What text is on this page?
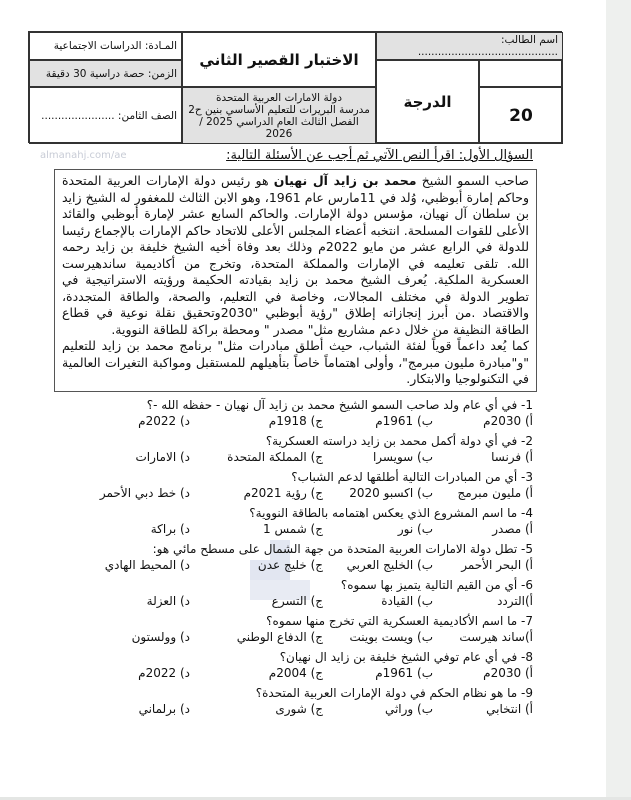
المـادة: الدراسات الاجتماعية
الزمن: حصة دراسية 30 دقيقة
الصف الثامن: ......................
الاختبار القصير الثاني
دولة الامارات العربية المتحدة
مدرسة البريرات للتعليم الأساسي بنين ح2
الفصل الثالث العام الدراسي 2025 / 2026
اسم الطالب: ..........................................
الدرجة
20
السؤال الأول: اقرأ النص الآتي ثم أجب عن الأسئلة التالية:
almanahj.com/ae
صاحب السمو الشيخ محمد بن زايد آل نهيان هو رئيس دولة الإمارات العربية المتحدة وحاكم إمارة أبوظبي، وُلد في 11مارس عام 1961، وهو الابن الثالث للمغفور له الشيخ زايد بن سلطان آل نهيان، مؤسس دولة الإمارات. والحاكم السابع عشر لإمارة أبوظبي والقائد الأعلى للقوات المسلحة. انتخبه أعضاء المجلس الأعلى للاتحاد حاكم الإمارات بالإجماع رئيسا للدولة في الرابع عشر من مايو 2022م وذلك بعد وفاة أخيه الشيخ خليفة بن زايد رحمه الله. تلقى تعليمه في الإمارات والمملكة المتحدة، وتخرج من أكاديمية ساندهيرست العسكرية الملكية. يُعرف الشيخ محمد بن زايد بقيادته الحكيمة ورؤيته الاستراتيجية في تطوير الدولة في مختلف المجالات، وخاصة في التعليم، والصحة، والطاقة المتجددة، والاقتصاد .من أبرز إنجازاته إطلاق "رؤية أبوظبي "2030وتحقيق نقلة نوعية في قطاع الطاقة النظيفة من خلال دعم مشاريع مثل" مصدر " ومحطة براكة للطاقة النووية.
كما يُعد داعماً قوياً لفئة الشباب، حيث أطلق مبادرات مثل" برنامج محمد بن زايد للتعليم "و"مبادرة مليون مبرمج"، وأولى اهتماماً خاصاً بتأهيلهم للمستقبل ومواكبة التغيرات العالمية في التكنولوجيا والابتكار.
1- في أي عام ولد صاحب السمو الشيخ محمد بن زايد آل نهيان - حفظه الله -؟
أ) 2030م
ب) 1961م
ج) 1918م
د) 2022م
2- في أي دولة أكمل محمد بن زايد دراسته العسكرية؟
أ) فرنسا
ب) سويسرا
ج) المملكة المتحدة
د) الامارات
3- أي من المبادرات التالية أطلقها لدعم الشباب؟
أ) مليون مبرمج
ب) اكسبو 2020
ج) رؤية 2021م
د) خط دبي الأحمر
4- ما اسم المشروع الذي يعكس اهتمامه بالطاقة النووية؟
أ) مصدر
ب) نور
ج) شمس 1
د) براكة
5- تطل دولة الامارات العربية المتحدة من جهة الشمال على مسطح مائي هو:
أ) البحر الأحمر
ب) الخليج العربي
ج) خليج عدن
د) المحيط الهادي
6- أي من القيم التالية يتميز بها سموه؟
أ)التردد
ب) القيادة
ج) التسرع
د) العزلة
7- ما اسم الأكاديمية العسكرية التي تخرج منها سموه؟
أ)ساند هيرست
ب) ويست بوينت
ج) الدفاع الوطني
د) وولستون
8- في أي عام توفي الشيخ خليفة بن زايد ال نهيان؟
أ) 2030م
ب) 1961م
ج) 2004م
د) 2022م
9- ما هو نظام الحكم في دولة الإمارات العربية المتحدة؟
أ) انتخابي
ب) وراثي
ج) شورى
د) برلماني
